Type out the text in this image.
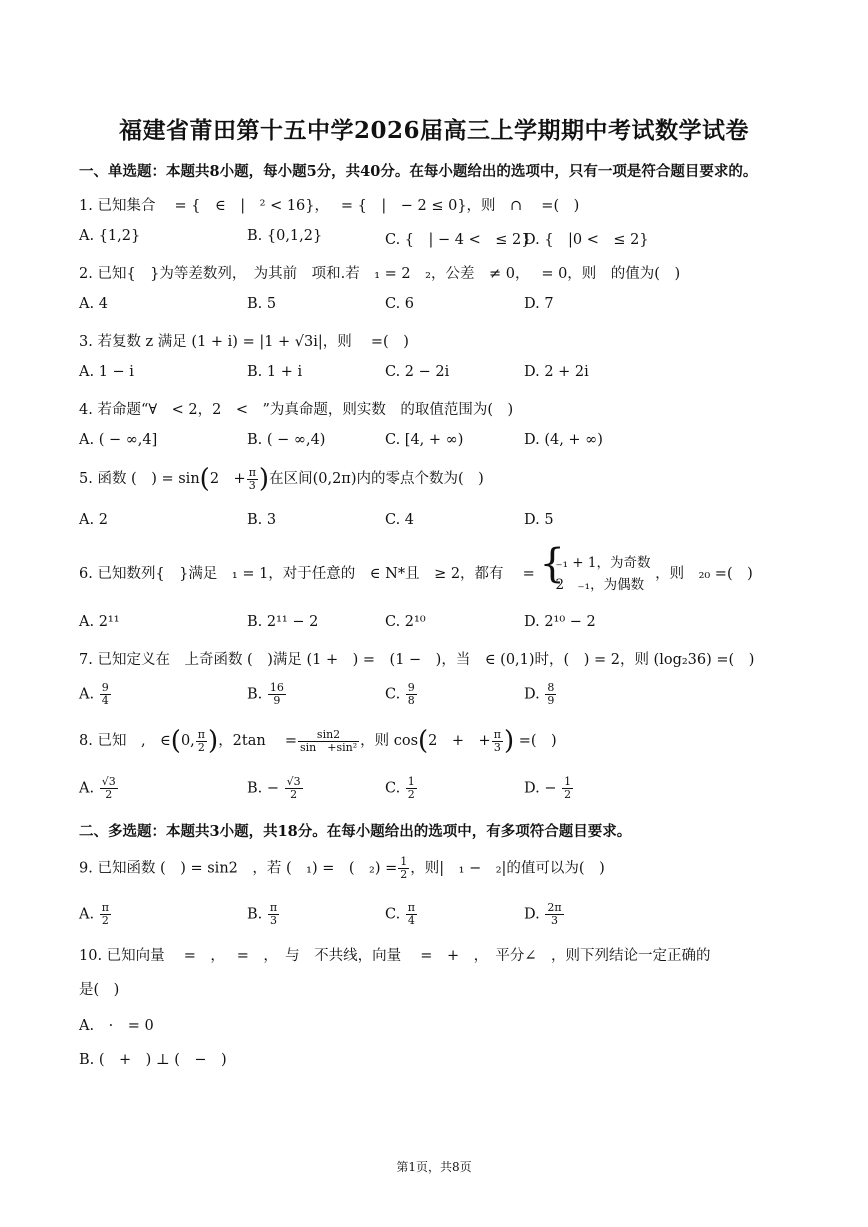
福建省莆田第十五中学2026届高三上学期期中考试数学试卷
一、单选题：本题共8小题，每小题5分，共40分。在每小题给出的选项中，只有一项是符合题目要求的。
1. 已知集合　 = {　∈　|　² < 16}，　 = {　|　− 2 ≤ 0}，则　∩　 =(　)
A. {1,2}	B. {0,1,2}	C. {　| − 4 <　≤ 2}
D. {　|0 <　≤ 2}
2. 已知{　}为等差数列，　为其前　项和.若　₁ = 2　₂，公差　≠ 0，　 = 0，则　的值为(　)
A. 4	B. 5	C. 6	D. 7
3. 若复数 z 满足 (1 + i) = |1 + √3i|，则　 =(　)
A. 1 − i	B. 1 + i	C. 2 − 2i	D. 2 + 2i
4. 若命题“∀　< 2，2　<　”为真命题，则实数　的取值范围为(　)
A. ( − ∞,4]	B. ( − ∞,4)	C. [4, + ∞)	D. (4, + ∞)
5. 函数 (　) = sin(2　+ $\frac{\pi}{3}$ )在区间(0,2π)内的零点个数为(　)
A. 2	B. 3	C. 4	D. 5
6. 已知数列{　}满足　₁ = 1，对于任意的　∈ N*且　≥ 2，都有　 = {
₋₁ + 1，为奇数
2　₋₁，为偶数
，则　₂₀ =(　)
A. 2¹¹	B. 2¹¹ − 2	C. 2¹⁰	D. 2¹⁰ − 2
7. 已知定义在　上奇函数 (　)满足 (1 +　) =　(1 −　)，当　∈ (0,1)时，(　) = 2，则 (log₂36) =(　)
A. $\frac{9}{4}$	B. $\frac{16}{9}$	C. $\frac{9}{8}$	D. $\frac{8}{9}$
8. 已知　,　∈(0, $\frac{\pi}{2}$ )，2tan　 = $\frac{\sin 2}{\text{sin　+sin²}}$ ，则 cos(2　+　+ $\frac{\pi}{3}$ ) =(　)
A. $\frac{√3}{2}$	B. − $\frac{√3}{2}$	C. $\frac{1}{2}$	D. − $\frac{1}{2}$
二、多选题：本题共3小题，共18分。在每小题给出的选项中，有多项符合题目要求。
9. 已知函数 (　) = sin2　，若 (　₁) =　(　$_2) = \frac{1}{2}$ ，则|　₁ −　₂|的值可以为(　)
A. $\frac{\pi}{2}$	B. $\frac{\pi}{3}$	C. $\frac{\pi}{4}$	D. $\frac{2\pi}{3}$
10. 已知向量　 =　，　 =　，　与　不共线，向量　 =　+　，　平分∠　，则下列结论一定正确的
是(　)
A.　·　= 0
B. (　+　) ⊥ (　−　)
第1页，共8页
